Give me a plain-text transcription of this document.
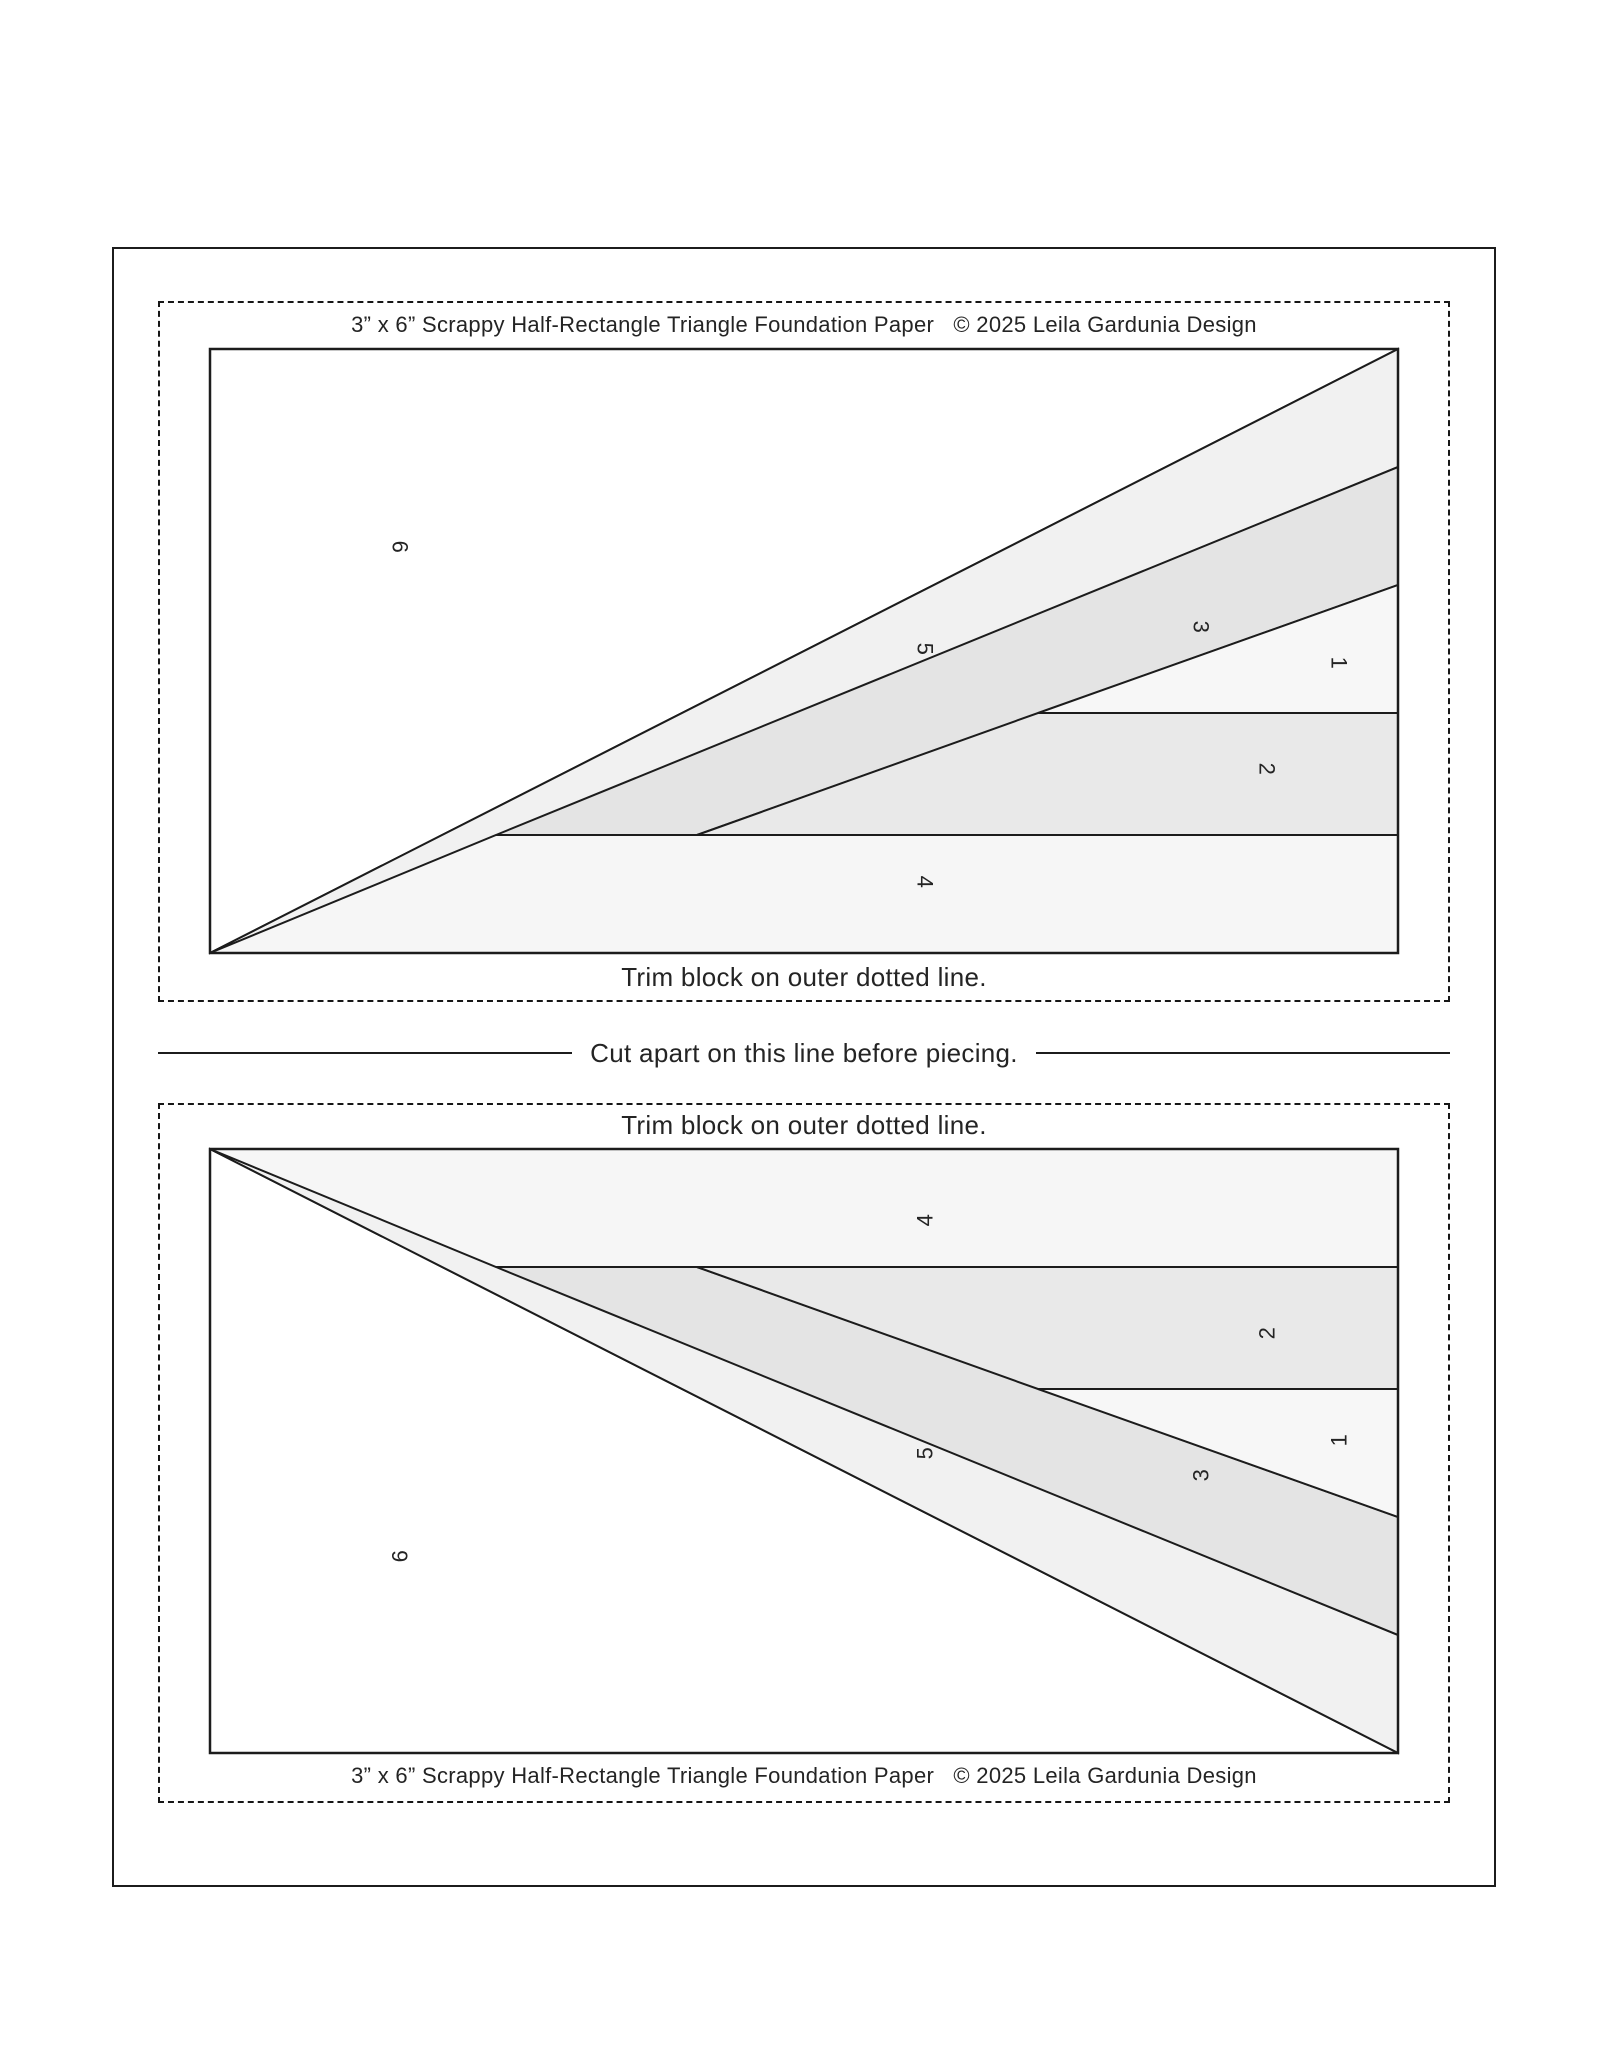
3” x 6” Scrappy Half-Rectangle Triangle Foundation Paper   © 2025 Leila Gardunia Design
6
5
3
1
2
4
Trim block on outer dotted line.
Cut apart on this line before piecing.
Trim block on outer dotted line.
4
2
1
3
5
6
3” x 6” Scrappy Half-Rectangle Triangle Foundation Paper   © 2025 Leila Gardunia Design
